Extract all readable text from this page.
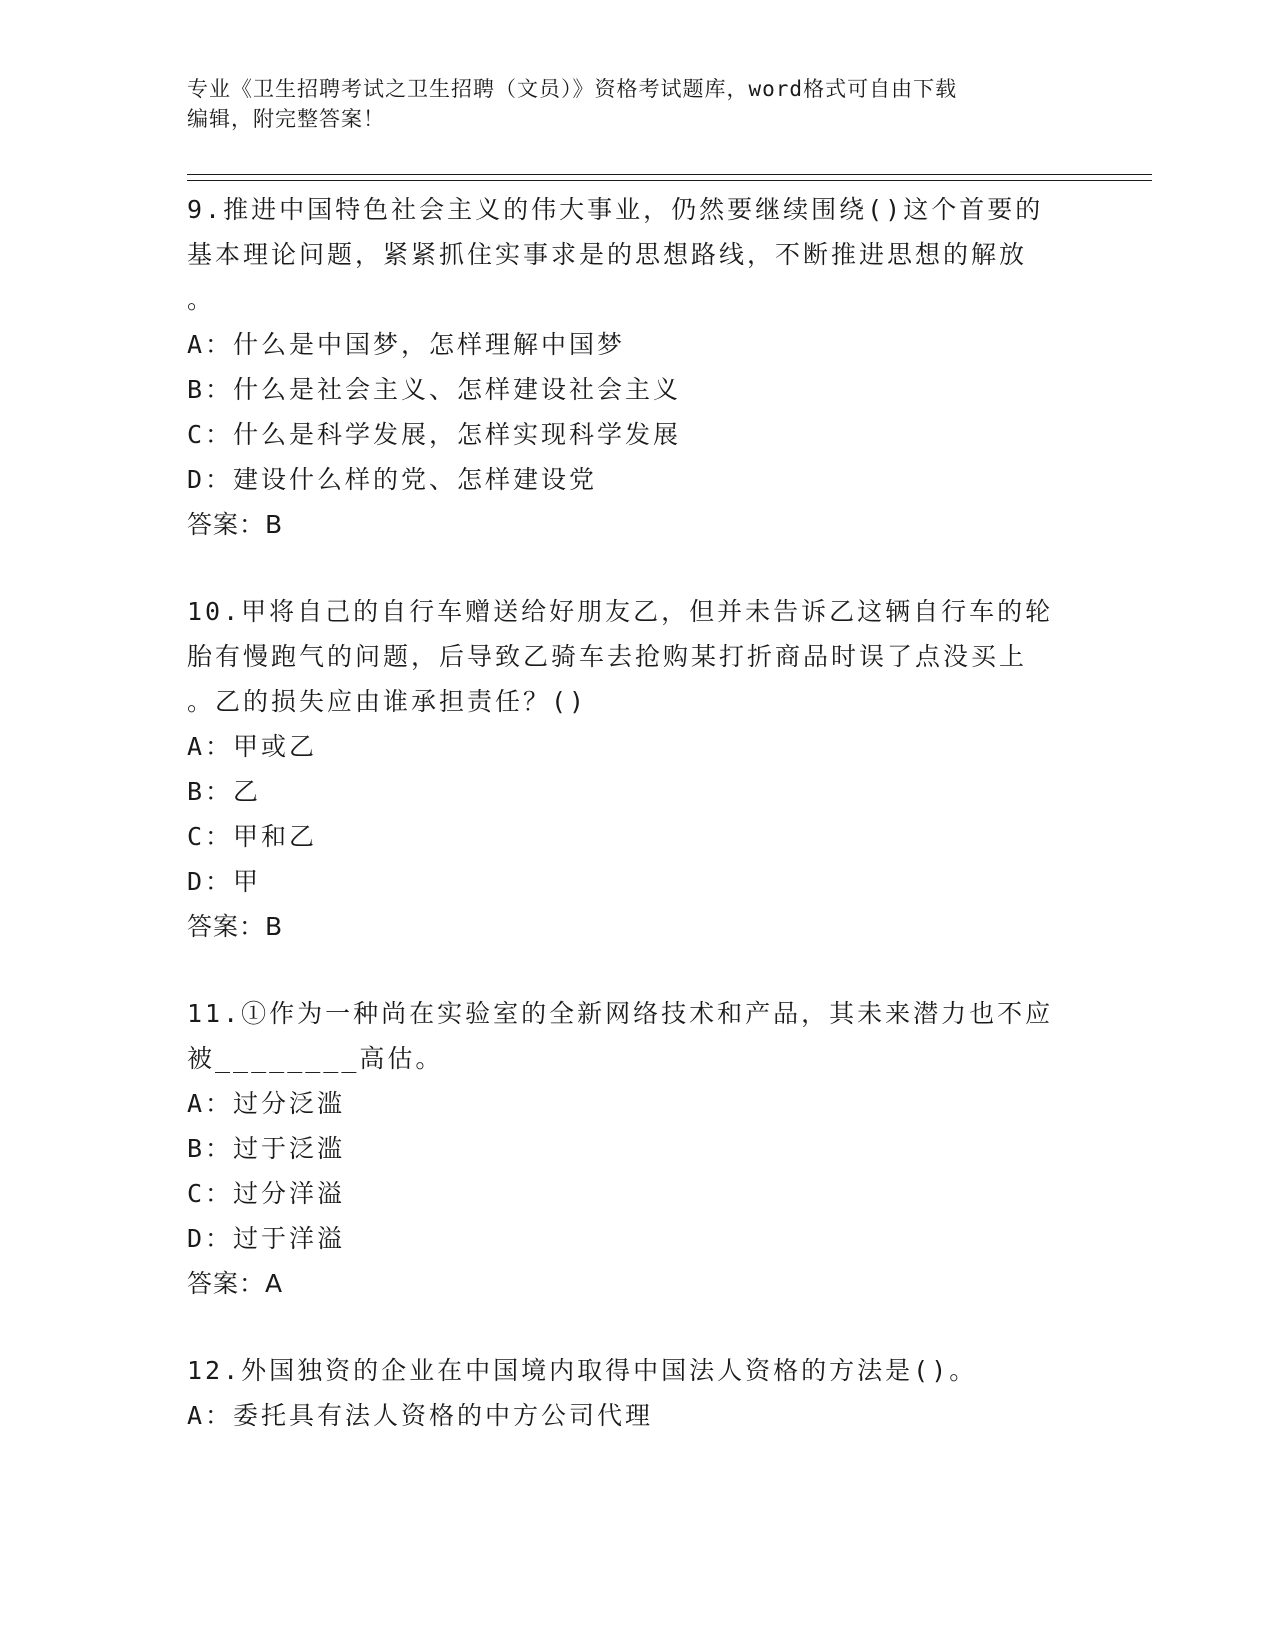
专业《卫生招聘考试之卫生招聘（文员）》资格考试题库，word格式可自由下载
编辑，附完整答案！
9.推进中国特色社会主义的伟大事业，仍然要继续围绕()这个首要的
基本理论问题，紧紧抓住实事求是的思想路线，不断推进思想的解放
。
A：什么是中国梦，怎样理解中国梦
B：什么是社会主义、怎样建设社会主义
C：什么是科学发展，怎样实现科学发展
D：建设什么样的党、怎样建设党
答案：B
10.甲将自己的自行车赠送给好朋友乙，但并未告诉乙这辆自行车的轮
胎有慢跑气的问题，后导致乙骑车去抢购某打折商品时误了点没买上
。乙的损失应由谁承担责任？()
A：甲或乙
B：乙
C：甲和乙
D：甲
答案：B
11.①作为一种尚在实验室的全新网络技术和产品，其未来潜力也不应
被________高估。
A：过分泛滥
B：过于泛滥
C：过分洋溢
D：过于洋溢
答案：A
12.外国独资的企业在中国境内取得中国法人资格的方法是()。
A：委托具有法人资格的中方公司代理
